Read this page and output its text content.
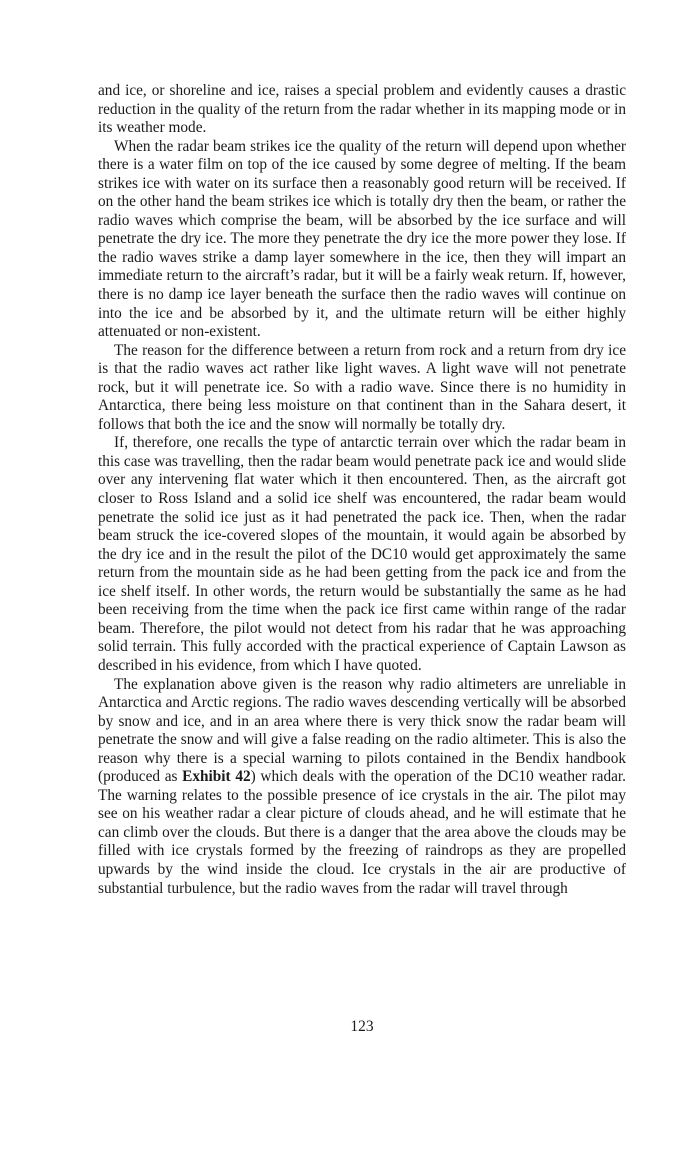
and ice, or shoreline and ice, raises a special problem and evidently causes a drastic reduction in the quality of the return from the radar whether in its mapping mode or in its weather mode.

When the radar beam strikes ice the quality of the return will depend upon whether there is a water film on top of the ice caused by some degree of melting. If the beam strikes ice with water on its surface then a reasonably good return will be received. If on the other hand the beam strikes ice which is totally dry then the beam, or rather the radio waves which comprise the beam, will be absorbed by the ice surface and will penetrate the dry ice. The more they penetrate the dry ice the more power they lose. If the radio waves strike a damp layer somewhere in the ice, then they will impart an immediate return to the aircraft’s radar, but it will be a fairly weak return. If, however, there is no damp ice layer beneath the surface then the radio waves will continue on into the ice and be absorbed by it, and the ultimate return will be either highly attenuated or non-existent.

The reason for the difference between a return from rock and a return from dry ice is that the radio waves act rather like light waves. A light wave will not penetrate rock, but it will penetrate ice. So with a radio wave. Since there is no humidity in Antarctica, there being less moisture on that continent than in the Sahara desert, it follows that both the ice and the snow will normally be totally dry.

If, therefore, one recalls the type of antarctic terrain over which the radar beam in this case was travelling, then the radar beam would penetrate pack ice and would slide over any intervening flat water which it then encountered. Then, as the aircraft got closer to Ross Island and a solid ice shelf was encountered, the radar beam would penetrate the solid ice just as it had penetrated the pack ice. Then, when the radar beam struck the ice-covered slopes of the mountain, it would again be absorbed by the dry ice and in the result the pilot of the DC10 would get approximately the same return from the mountain side as he had been getting from the pack ice and from the ice shelf itself. In other words, the return would be substantially the same as he had been receiving from the time when the pack ice first came within range of the radar beam. Therefore, the pilot would not detect from his radar that he was approaching solid terrain. This fully accorded with the practical experience of Captain Lawson as described in his evidence, from which I have quoted.

The explanation above given is the reason why radio altimeters are unreliable in Antarctica and Arctic regions. The radio waves descending vertically will be absorbed by snow and ice, and in an area where there is very thick snow the radar beam will penetrate the snow and will give a false reading on the radio altimeter. This is also the reason why there is a special warning to pilots contained in the Bendix handbook (produced as Exhibit 42) which deals with the operation of the DC10 weather radar. The warning relates to the possible presence of ice crystals in the air. The pilot may see on his weather radar a clear picture of clouds ahead, and he will estimate that he can climb over the clouds. But there is a danger that the area above the clouds may be filled with ice crystals formed by the freezing of raindrops as they are propelled upwards by the wind inside the cloud. Ice crystals in the air are productive of substantial turbulence, but the radio waves from the radar will travel through

123
